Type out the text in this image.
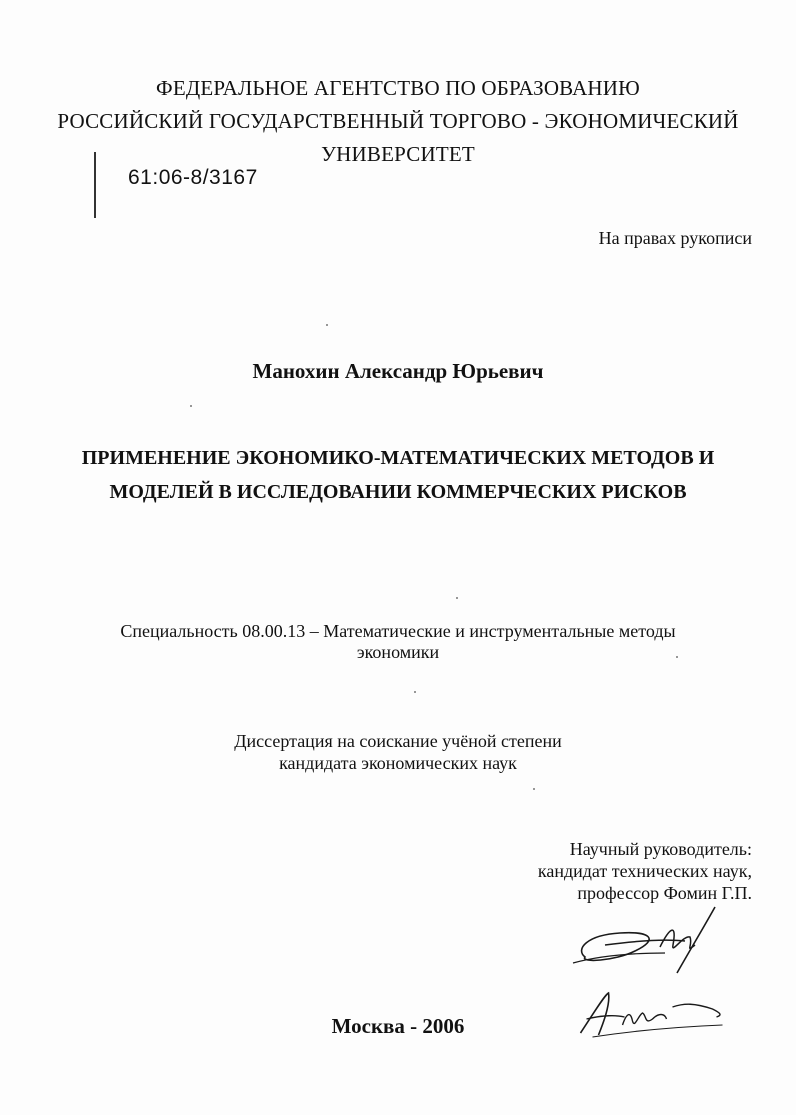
ФЕДЕРАЛЬНОЕ АГЕНТСТВО ПО ОБРАЗОВАНИЮ
РОССИЙСКИЙ ГОСУДАРСТВЕННЫЙ ТОРГОВО - ЭКОНОМИЧЕСКИЙ
УНИВЕРСИТЕТ
61:06-8/3167
На правах рукописи
Манохин Александр Юрьевич
ПРИМЕНЕНИЕ ЭКОНОМИКО-МАТЕМАТИЧЕСКИХ МЕТОДОВ И
МОДЕЛЕЙ В ИССЛЕДОВАНИИ КОММЕРЧЕСКИХ РИСКОВ
Специальность 08.00.13 – Математические и инструментальные методы
экономики
Диссертация на соискание учёной степени
кандидата экономических наук
Научный руководитель:
кандидат технических наук,
профессор Фомин Г.П.
Москва - 2006
